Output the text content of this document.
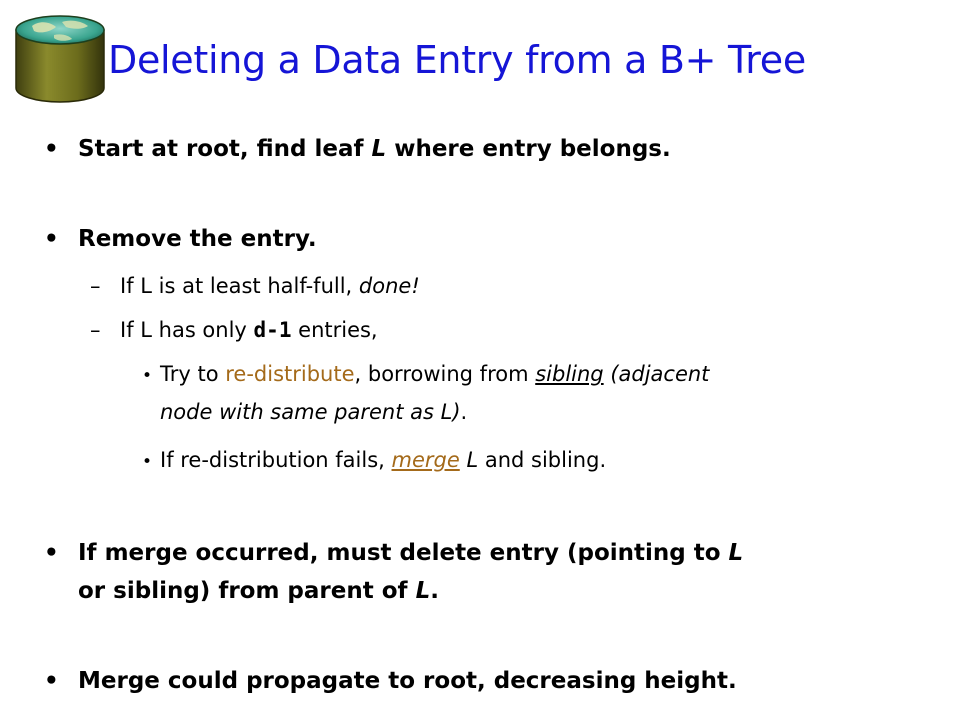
Deleting a Data Entry from a B+ Tree
• Start at root, find leaf L where entry belongs.
• Remove the entry.
– If L is at least half-full, done!
– If L has only d-1 entries,
• Try to re-distribute, borrowing from sibling (adjacent
node with same parent as L).
• If re-distribution fails, merge L and sibling.
• If merge occurred, must delete entry (pointing to L
or sibling) from parent of L.
• Merge could propagate to root, decreasing height.
